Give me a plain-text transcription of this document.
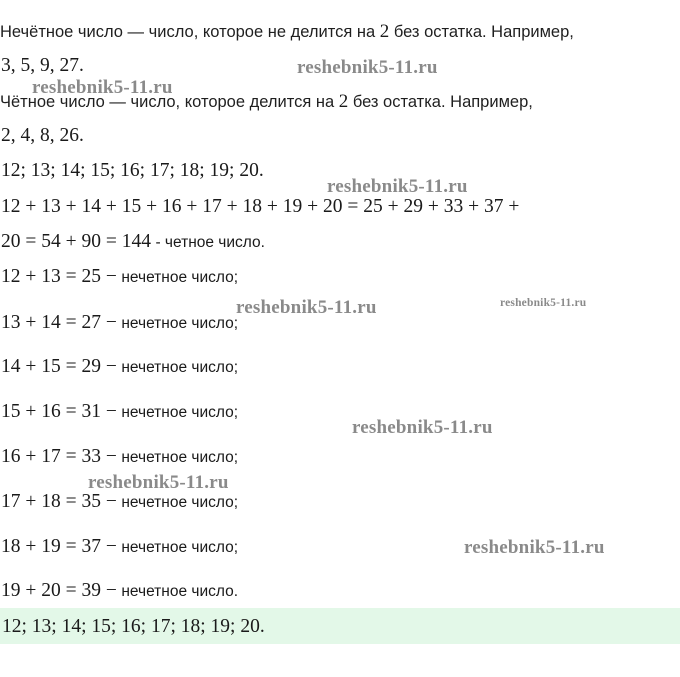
Нечётное число — число, которое не делится на 2 без остатка. Например,
3, 5, 9, 27.
Чётное число — число, которое делится на 2 без остатка. Например,
2, 4, 8, 26.
12; 13; 14; 15; 16; 17; 18; 19; 20.
12 + 13 + 14 + 15 + 16 + 17 + 18 + 19 + 20 = 25 + 29 + 33 + 37 +
20 = 54 + 90 = 144 - четное число.
12 + 13 = 25 − нечетное число;
13 + 14 = 27 − нечетное число;
14 + 15 = 29 − нечетное число;
15 + 16 = 31 − нечетное число;
16 + 17 = 33 − нечетное число;
17 + 18 = 35 − нечетное число;
18 + 19 = 37 − нечетное число;
19 + 20 = 39 − нечетное число.
12; 13; 14; 15; 16; 17; 18; 19; 20.
reshebnik5-11.ru
reshebnik5-11.ru
reshebnik5-11.ru
reshebnik5-11.ru	reshebnik5-11.ru
reshebnik5-11.ru
reshebnik5-11.ru
reshebnik5-11.ru
